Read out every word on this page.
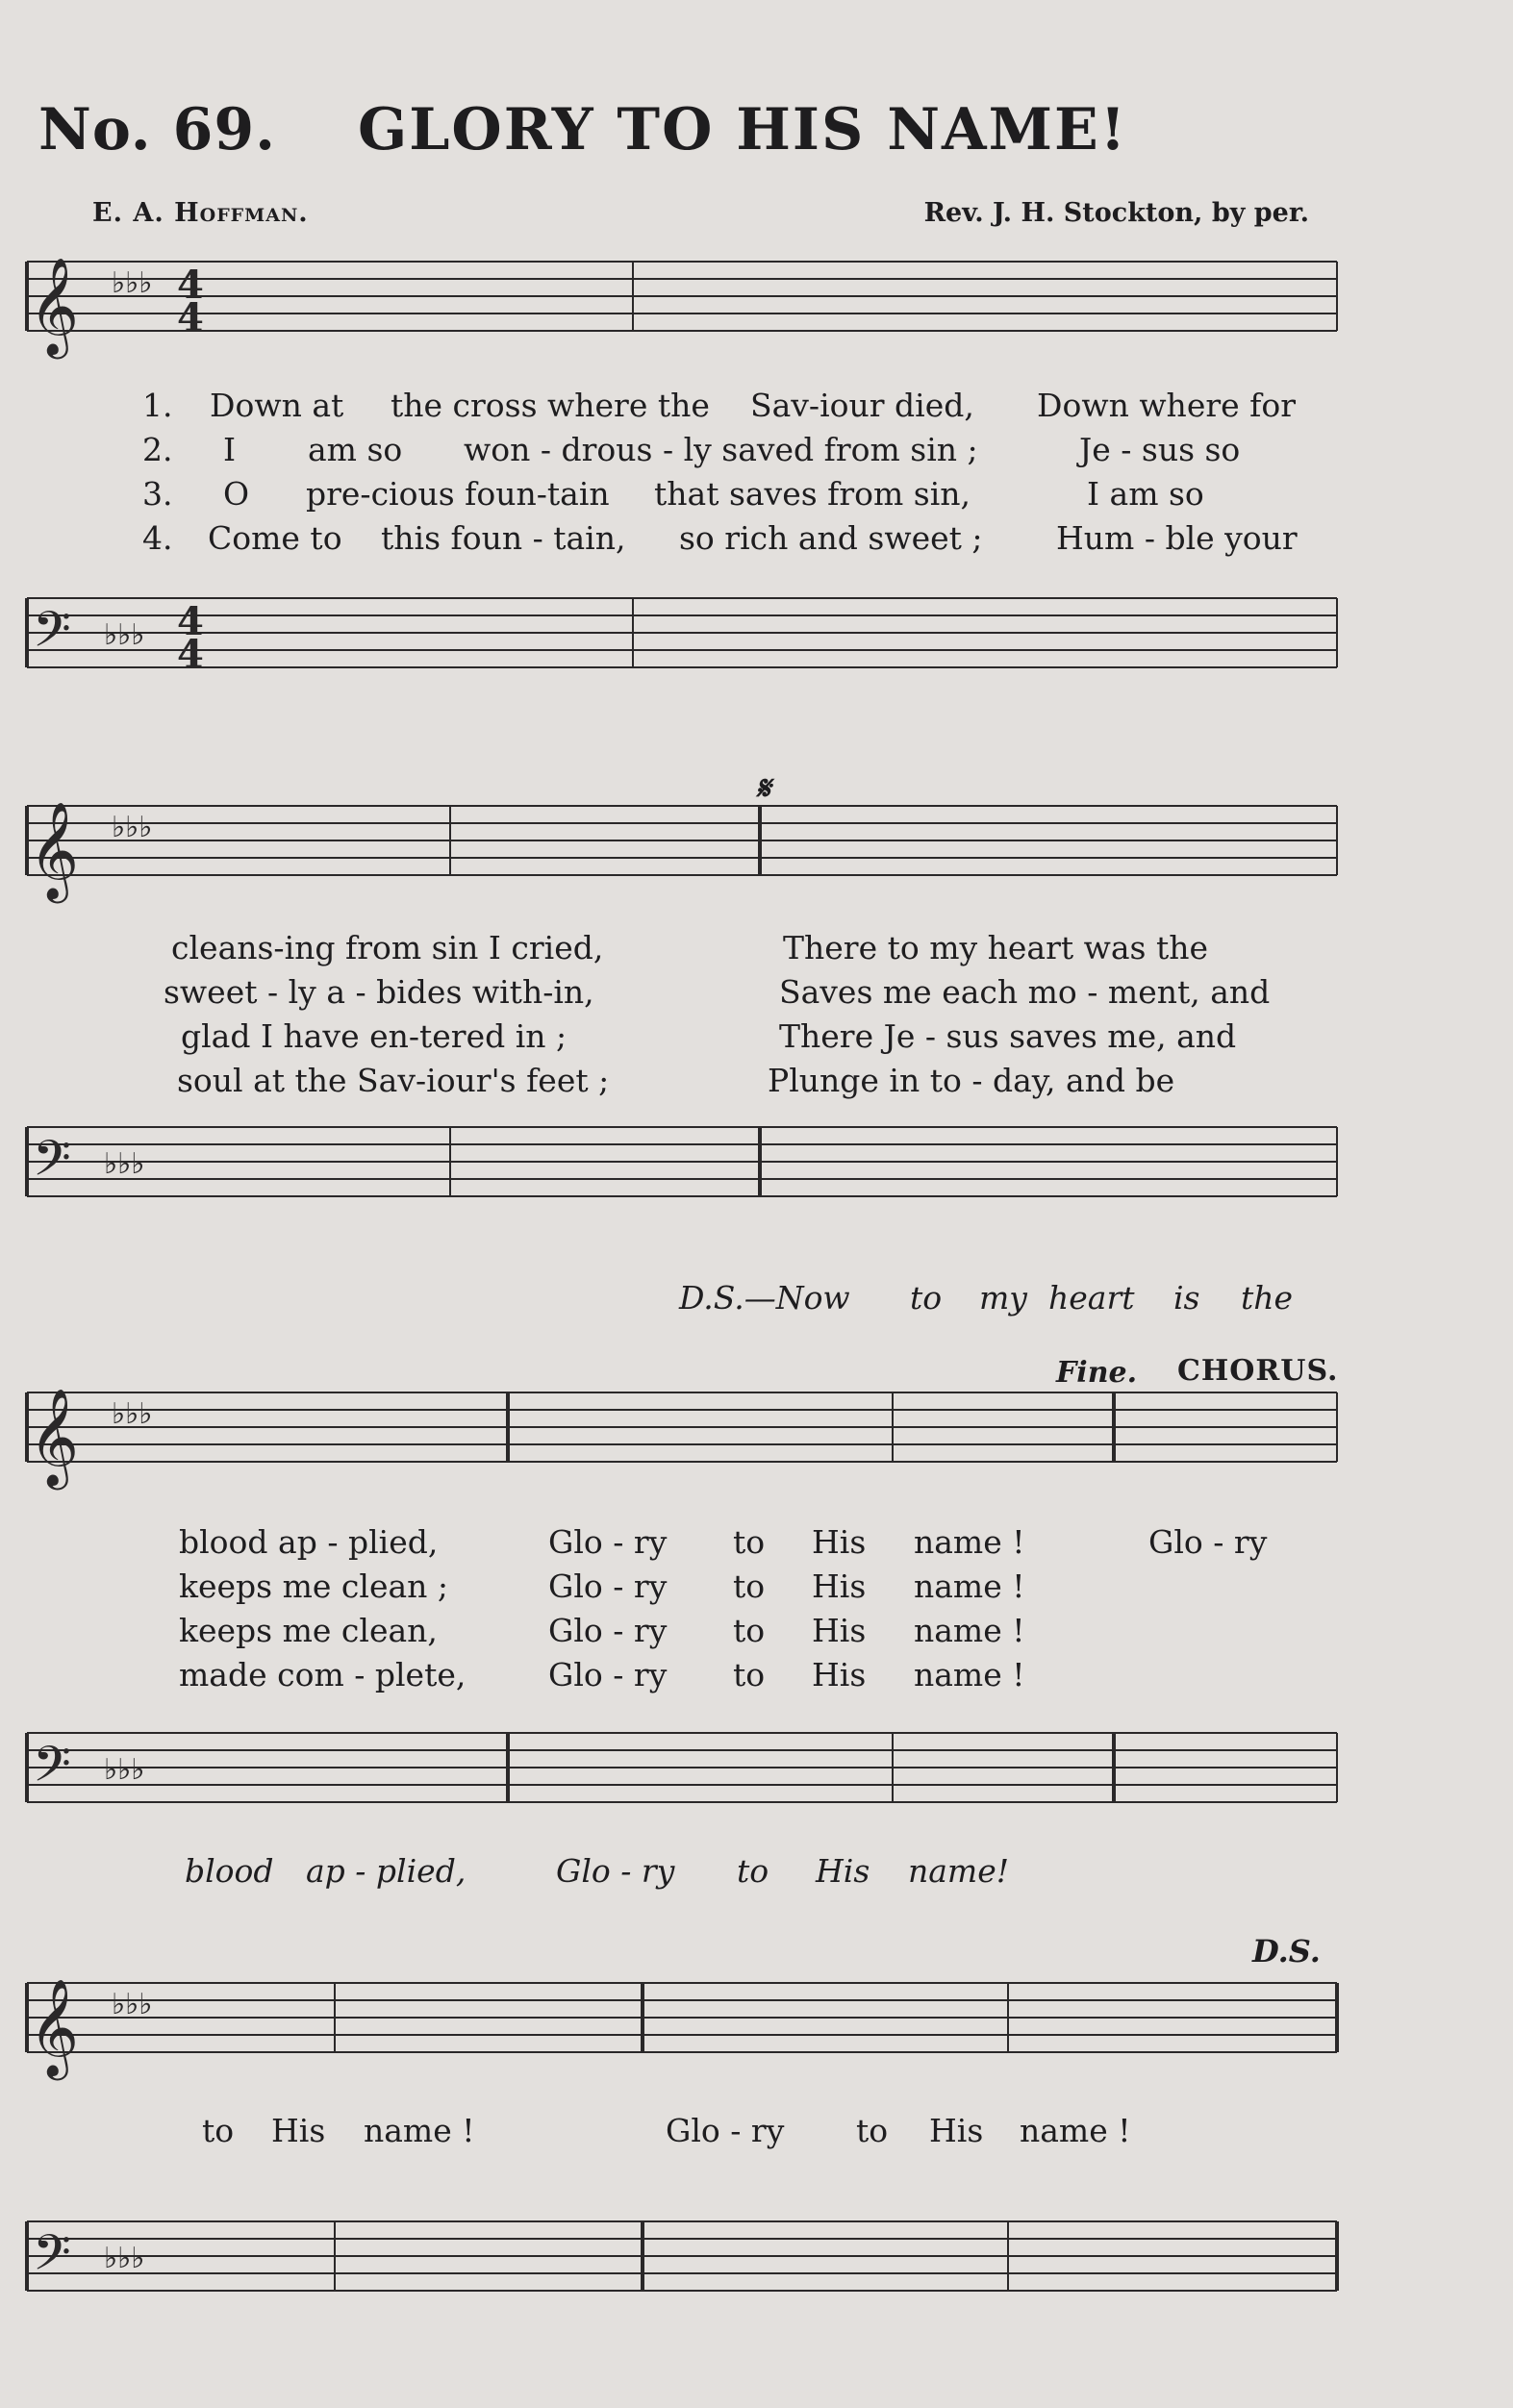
No. 69. GLORY TO HIS NAME!
E. A. Hoffman.	Rev. J. H. Stockton, by per.
𝄞 ♭♭♭ 4
4
𝄢 ♭♭♭ 4
4
𝄞 ♭♭♭
𝄢 ♭♭♭
𝄞 ♭♭♭
𝄢 ♭♭♭
𝄞 ♭♭♭
𝄢 ♭♭♭
1. Down at the cross where the Sav-iour died, Down where for
2. I am so won - drous - ly saved from sin ;	Je - sus so
3. O pre-cious foun-tain that saves from sin,	I am so
4. Come to this foun - tain, so rich and sweet ; Hum - ble your
𝄋
cleans-ing from sin I cried,	There to my heart was the
sweet - ly a - bides with-in,	Saves me each mo - ment, and
glad I have en-tered in ;	There Je - sus saves me, and
soul at the Sav-iour's feet ;	Plunge in to - day, and be
D.S.—Now to my heart is the
Fine. CHORUS.
blood ap - plied,	Glo - ry to His name !	Glo - ry
keeps me clean ;	Glo - ry to His name !
keeps me clean,	Glo - ry to His name !
made com - plete,	Glo - ry to His name !
blood ap - plied,	Glo - ry to His name!
D.S.
to His name !	Glo - ry to His name !
